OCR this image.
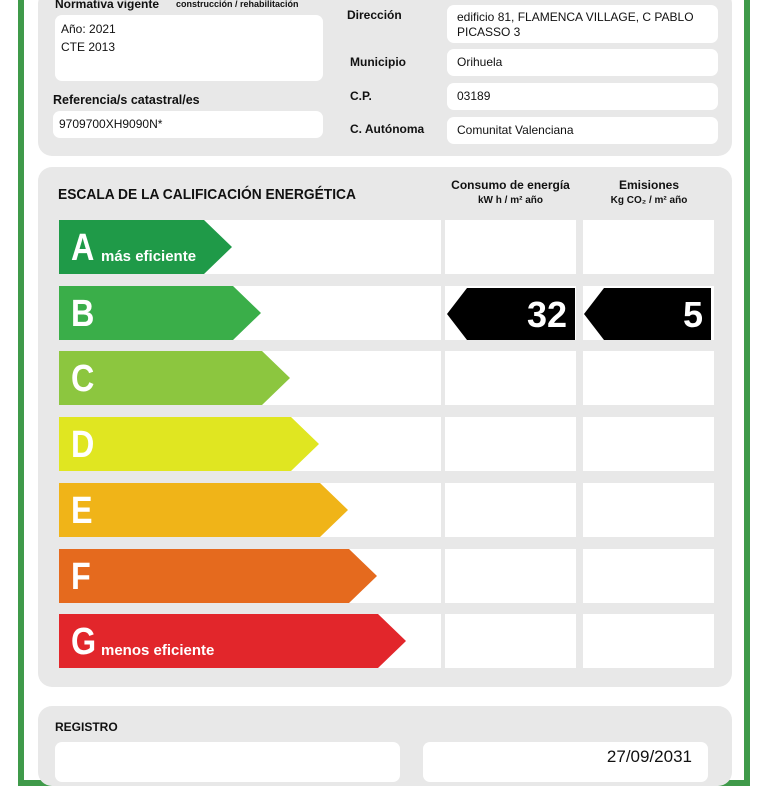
Normativa vigente construcción / rehabilitación
Año: 2021
CTE 2013
Referencia/s catastral/es
9709700XH9090N*
Dirección	edificio 81, FLAMENCA VILLAGE, C PABLO PICASSO 3
Municipio	Orihuela
C.P.	03189
C. Autónoma	Comunitat Valenciana
ESCALA DE LA CALIFICACIÓN ENERGÉTICA
Consumo de energía
kW h / m² año
Emisiones
Kg CO₂ / m² año
A más eficiente
B	32	5
C
D
E
F
G menos eficiente
REGISTRO
27/09/2031
